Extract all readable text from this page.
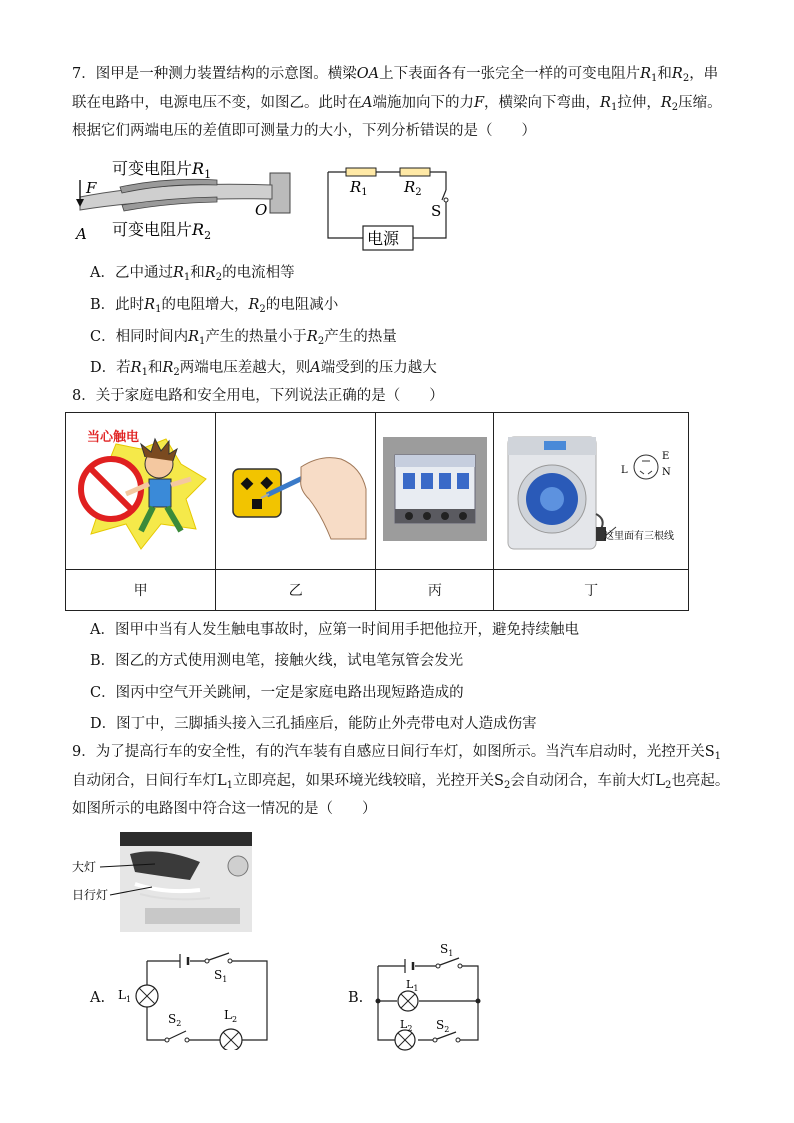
7．图甲是一种测力装置结构的示意图。横梁OA上下表面各有一张完全一样的可变电阻片$R_1$和$R_2$，串联在电路中，电源电压不变，如图乙。此时在A端施加向下的力F，横梁向下弯曲，$R_1$拉伸，$R_2$压缩。根据它们两端电压的差值即可测量力的大小，下列分析错误的是（　　）

F
A
O
可变电阻片$R_1$
可变电阻片$R_2$	电源
$R_1$ $R_2$
S
A．乙中通过$R_1$和$R_2$的电流相等
B．此时$R_1$的电阻增大，$R_2$的电阻减小
C．相同时间内$R_1$产生的热量小于$R_2$产生的热量
D．若$R_1$和$R_2$两端电压差越大，则A端受到的压力越大
8．关于家庭电路和安全用电，下列说法正确的是（　　）
当心触电			L
E
N
这里面有三根线

甲	乙	丙	丁
A．图甲中当有人发生触电事故时，应第一时间用手把他拉开，避免持续触电
B．图乙的方式使用测电笔，接触火线，试电笔氖管会发光
C．图丙中空气开关跳闸，一定是家庭电路出现短路造成的
D．图丁中，三脚插头接入三孔插座后，能防止外壳带电对人造成伤害

9．为了提高行车的安全性，有的汽车装有自感应日间行车灯，如图所示。当汽车启动时，光控开关$S_1$自动闭合，日间行车灯$L_1$立即亮起，如果环境光线较暗，光控开关$S_2$会自动闭合，车前大灯$L_2$也亮起。如图所示的电路图中符合这一情况的是（　　）

大灯
日行灯
A.
$S_1$
$L_1$
$S_2$
$L_2$
B.
$S_1$
$L_1$
$L_2$ $S_2$
